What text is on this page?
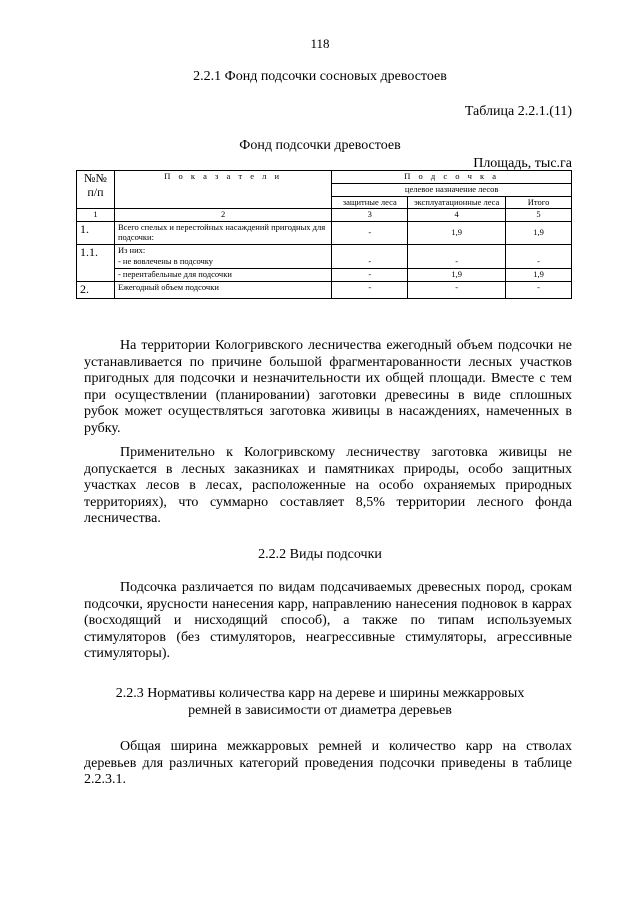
118
2.2.1 Фонд подсочки сосновых древостоев
Таблица 2.2.1.(11)
Фонд подсочки древостоев
Площадь, тыс.га
№№ п/п	П о к а з а т е л и	П о д с о ч к а		
		целевое назначение лесов		
		защитные леса	эксплуатационные леса	Итого
1	2	3	4	5
1.	Всего спелых и перестойных насаждений пригодных для подсочки:	-	1,9	1,9
1.1.	Из них:			
	- не вовлечены в подсочку	-	-	-
	- перентабельные для подсочки	-	1,9	1,9
2.	Ежегодный объем подсочки	-	-	-

На территории Кологривского лесничества ежегодный объем подсочки не устанавливается по причине большой фрагментарованности лесных участков пригодных для подсочки и незначительности их общей площади. Вместе с тем при осуществлении (планировании) заготовки древесины в виде сплошных рубок может осуществляться заготовка живицы в насаждениях, намеченных в рубку.

Применительно к Кологривскому лесничеству заготовка живицы не допускается в лесных заказниках и памятниках природы, особо защитных участках лесов в лесах, расположенные на особо охраняемых природных территориях), что суммарно составляет 8,5% территории лесного фонда лесничества.

2.2.2 Виды подсочки

Подсочка различается по видам подсачиваемых древесных пород, срокам подсочки, ярусности нанесения карр, направлению нанесения подновок в каррах (восходящий и нисходящий способ), а также по типам используемых стимуляторов (без стимуляторов, неагрессивные стимуляторы, агрессивные стимуляторы).

2.2.3 Нормативы количества карр на дереве и ширины межкарровых
ремней в зависимости от диаметра деревьев

Общая ширина межкарровых ремней и количество карр на стволах деревьев для различных категорий проведения подсочки приведены в таблице 2.2.3.1.
